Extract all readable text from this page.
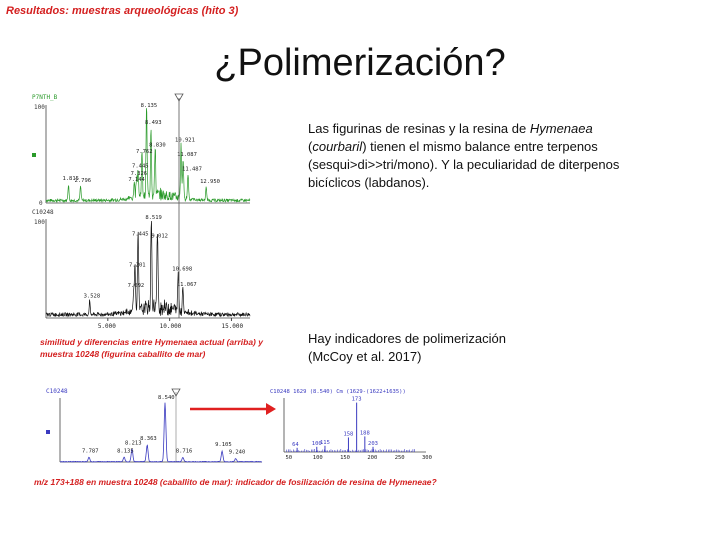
Resultados: muestras arqueológicas (hito 3)
¿Polimerización?
Las figurinas de resinas y la resina de Hymenaea (courbaril) tienen el mismo balance entre terpenos (sesqui>di>>tri/mono). Y la peculiaridad de diterpenos bicíclicos (labdanos).
Hay indicadores de polimerización
(McCoy et al. 2017)
similitud y diferencias entre Hymenaea actual (arriba) y muestra 10248 (figurina caballito de mar)
m/z 173+188 en muestra 10248 (caballito de mar): indicador de fosilización de resina de Hymeneae?
P7NTH_B
100
0
1.815
2.796	7.144
7.326
7.445
7.762
8.135
8.493
8.830
10.921
11.087
11.487
12.950
C10248
100
3.528
7.092
7.201
7.445
8.519
9.012
10.698
11.067
5.000	10.000	15.000
C10248
7.787	8.135
8.213
8.363
8.540
8.716
9.105
9.240
C10248 1629 (8.540) Cm (1629-(1622+1635))
64 100
115
158
173
188
203
50	100	150	200	250	300
